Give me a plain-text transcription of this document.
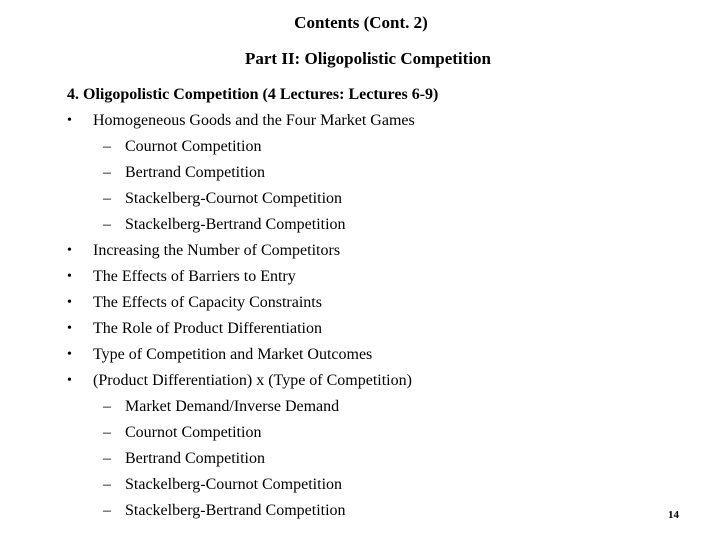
Contents (Cont. 2)
Part II: Oligopolistic Competition
4. Oligopolistic Competition (4 Lectures: Lectures 6-9)
•	Homogeneous Goods and the Four Market Games
– Cournot Competition
– Bertrand Competition
– Stackelberg-Cournot Competition
– Stackelberg-Bertrand Competition
•	Increasing the Number of Competitors
•	The Effects of Barriers to Entry
•	The Effects of Capacity Constraints
•	The Role of Product Differentiation
•	Type of Competition and Market Outcomes
•	(Product Differentiation) x (Type of Competition)
– Market Demand/Inverse Demand
– Cournot Competition
– Bertrand Competition
– Stackelberg-Cournot Competition
– Stackelberg-Bertrand Competition	14
